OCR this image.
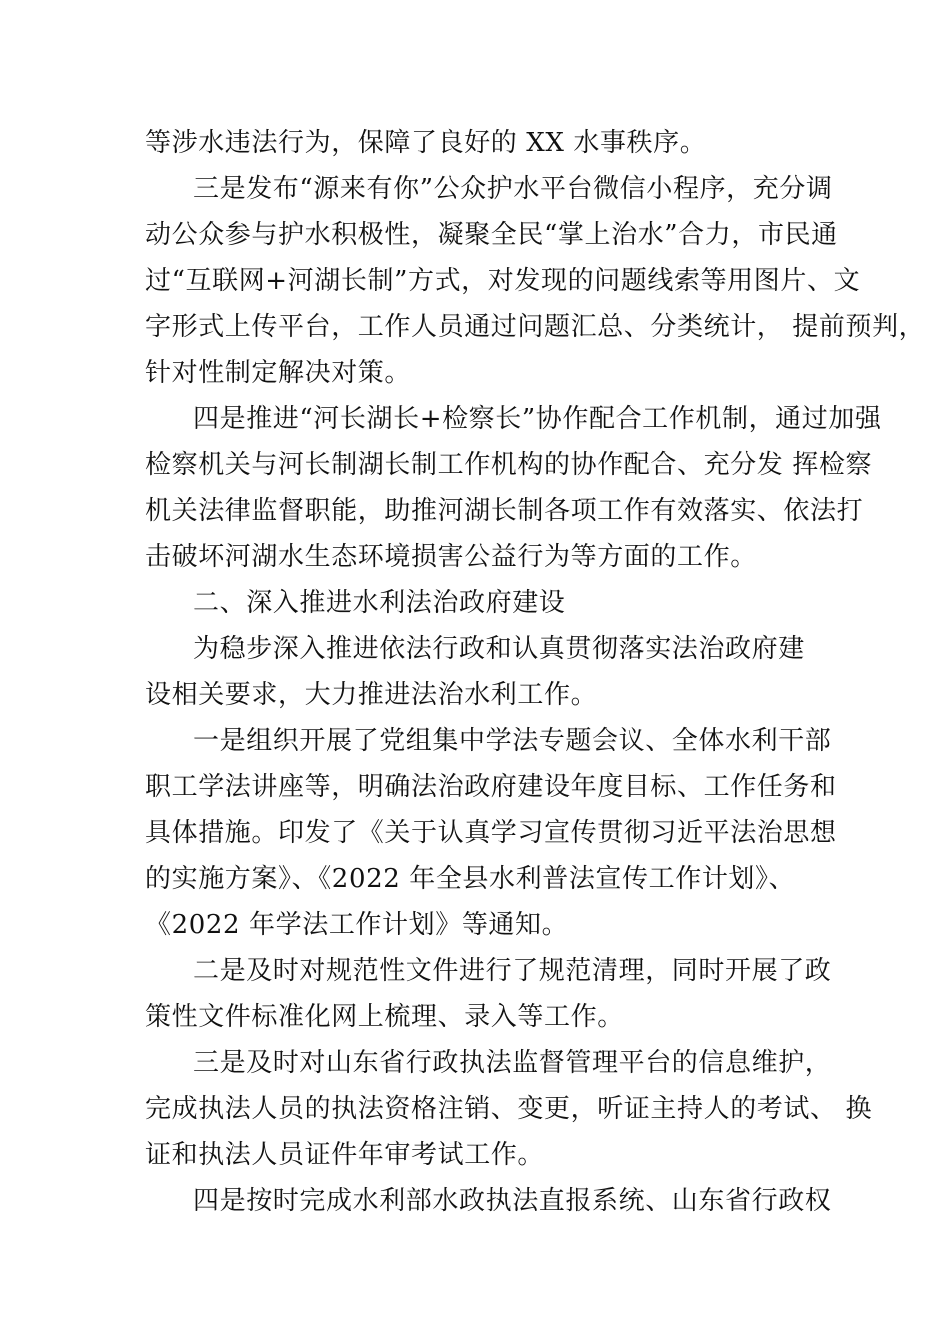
等涉水违法行为，保障了良好的 XX 水事秩序。
三是发布“源来有你”公众护水平台微信小程序，充分调
动公众参与护水积极性，凝聚全民“掌上治水”合力，市民通
过“互联网+河湖长制”方式，对发现的问题线索等用图片、文
字形式上传平台，工作人员通过问题汇总、分类统计， 提前预判，
针对性制定解决对策。
四是推进“河长湖长+检察长”协作配合工作机制，通过加强
检察机关与河长制湖长制工作机构的协作配合、充分发 挥检察
机关法律监督职能，助推河湖长制各项工作有效落实、依法打
击破坏河湖水生态环境损害公益行为等方面的工作。
二、深入推进水利法治政府建设
为稳步深入推进依法行政和认真贯彻落实法治政府建
设相关要求，大力推进法治水利工作。
一是组织开展了党组集中学法专题会议、全体水利干部
职工学法讲座等，明确法治政府建设年度目标、工作任务和
具体措施。印发了《关于认真学习宣传贯彻习近平法治思想
的实施方案》、《2022 年全县水利普法宣传工作计划》、
《2022 年学法工作计划》等通知。
二是及时对规范性文件进行了规范清理，同时开展了政
策性文件标准化网上梳理、录入等工作。
三是及时对山东省行政执法监督管理平台的信息维护，
完成执法人员的执法资格注销、变更，听证主持人的考试、 换
证和执法人员证件年审考试工作。
四是按时完成水利部水政执法直报系统、山东省行政权
